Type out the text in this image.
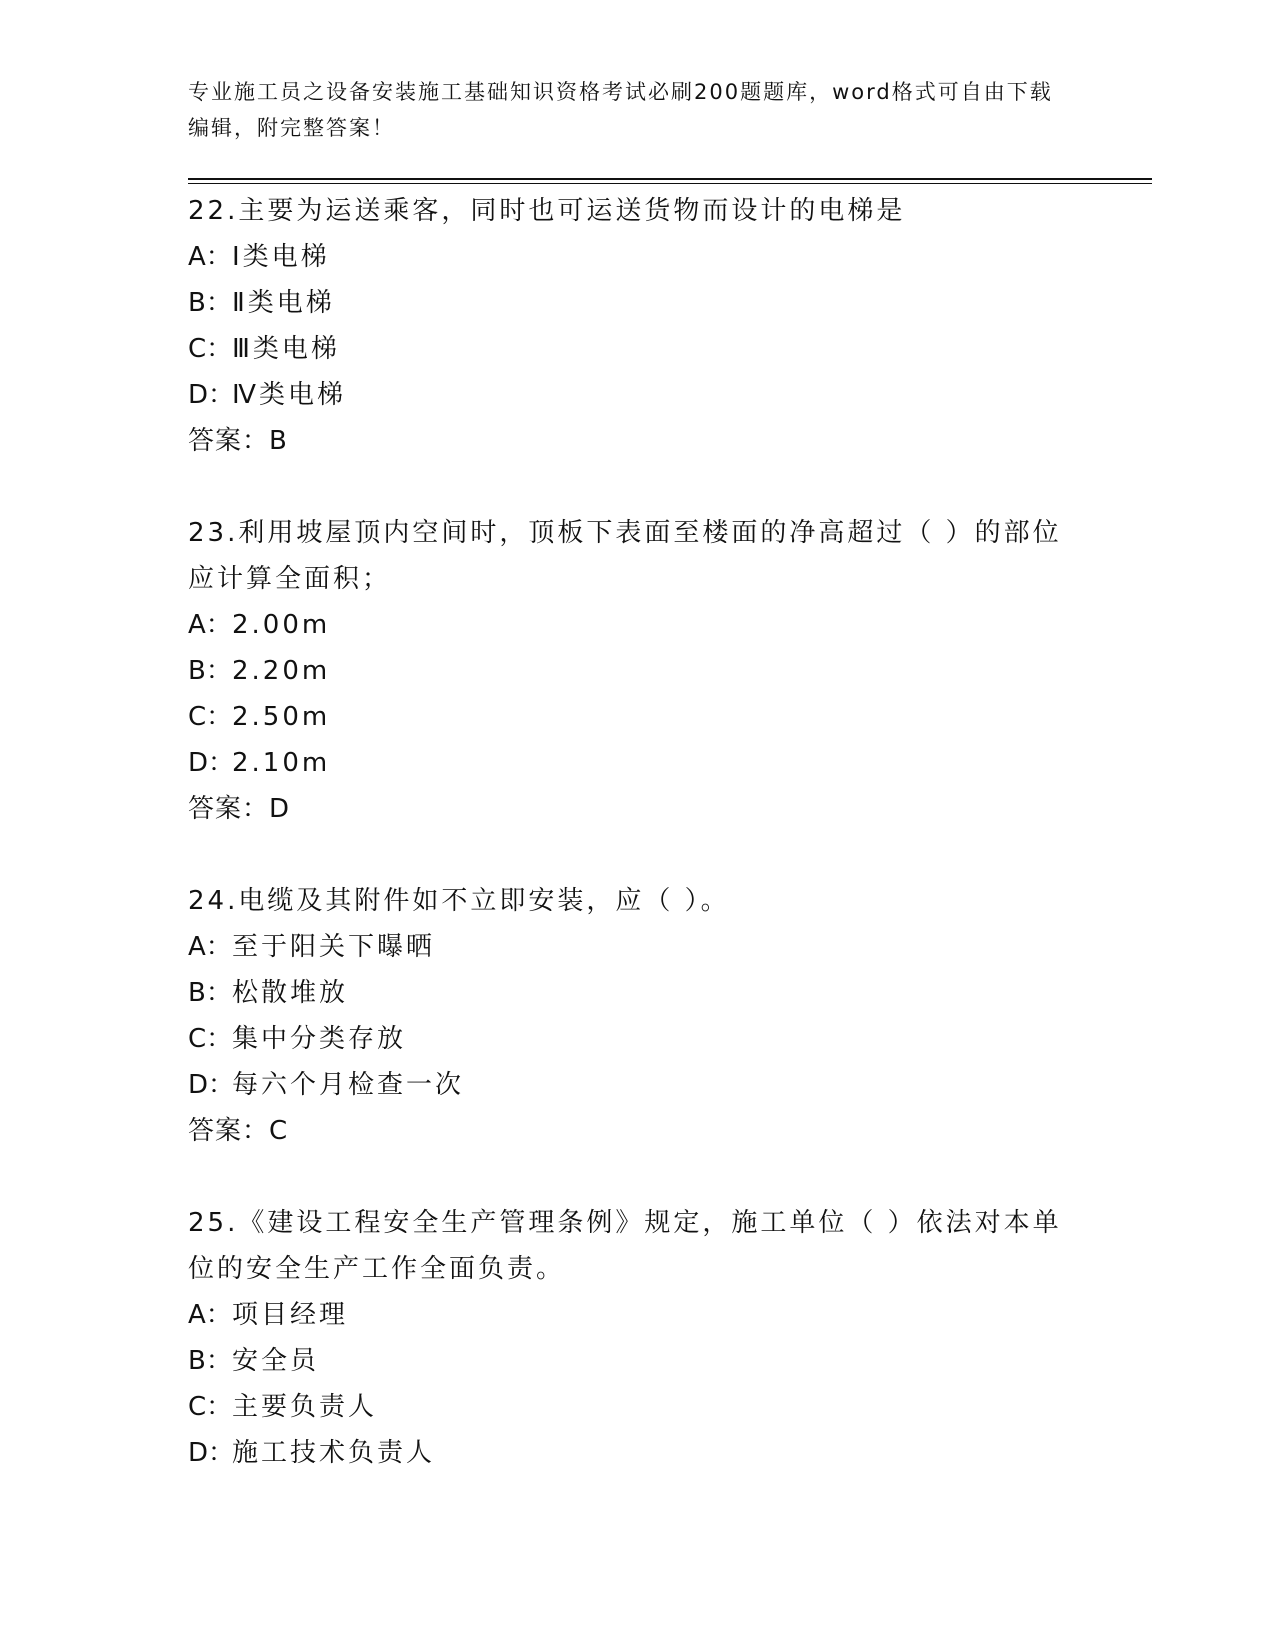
专业施工员之设备安装施工基础知识资格考试必刷200题题库，word格式可自由下载编辑，附完整答案！
22.主要为运送乘客，同时也可运送货物而设计的电梯是
A：Ⅰ类电梯
B：Ⅱ类电梯
C：Ⅲ类电梯
D：Ⅳ类电梯
答案：B
23.利用坡屋顶内空间时，顶板下表面至楼面的净高超过（ ）的部位应计算全面积；
A：2.00m
B：2.20m
C：2.50m
D：2.10m
答案：D
24.电缆及其附件如不立即安装，应（ ）。
A：至于阳关下曝晒
B：松散堆放
C：集中分类存放
D：每六个月检查一次
答案：C
25.《建设工程安全生产管理条例》规定，施工单位（ ）依法对本单位的安全生产工作全面负责。
A：项目经理
B：安全员
C：主要负责人
D：施工技术负责人
